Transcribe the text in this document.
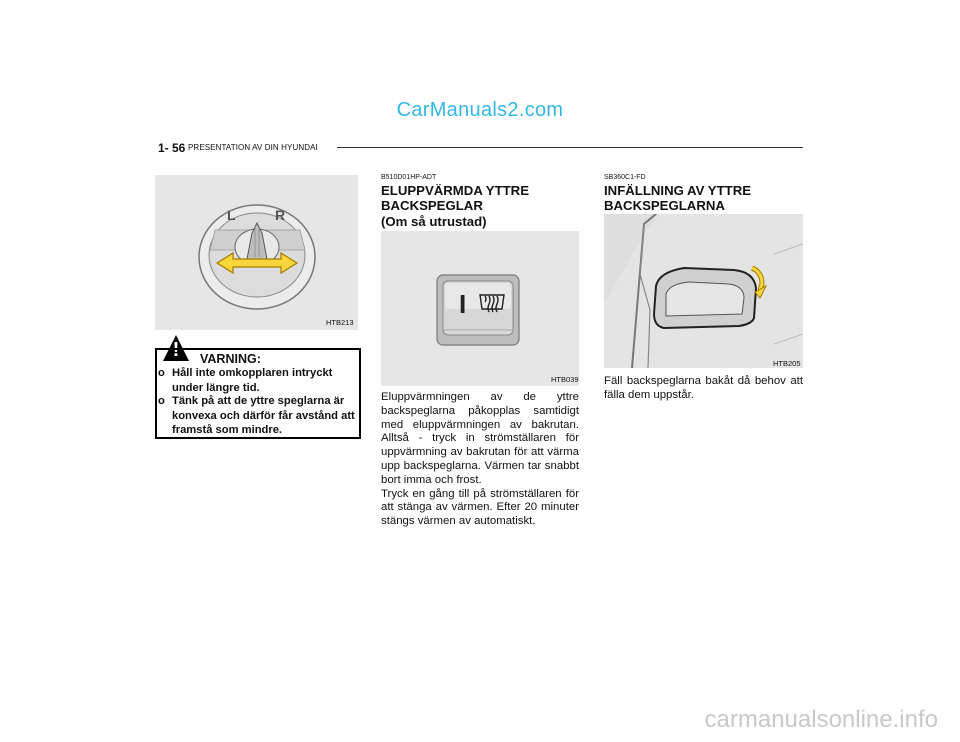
CarManuals2.com
carmanualsonline.info
1- 56 PRESENTATION AV DIN HYUNDAI
L	R
HTB213
! VARNING:
o Håll inte omkopplaren intryckt under längre tid.
o Tänk på att de yttre speglarna är konvexa och därför får avstånd att framstå som mindre.
B510D01HP-ADT
ELUPPVÄRMDA YTTRE
BACKSPEGLAR
(Om så utrustad)
I
HTB039

Eluppvärmningen av de yttre backspeglarna påkopplas samtidigt med eluppvärmningen av bakrutan. Alltså - tryck in strömställaren för uppvärmning av bakrutan för att värma upp backspeglarna. Värmen tar snabbt bort imma och frost.

Tryck en gång till på strömställaren för att stänga av värmen. Efter 20 minuter stängs värmen av automatiskt.

SB360C1-FD
INFÄLLNING AV YTTRE
BACKSPEGLARNA
HTB205

Fäll backspeglarna bakåt då behov att fälla dem uppstår.
